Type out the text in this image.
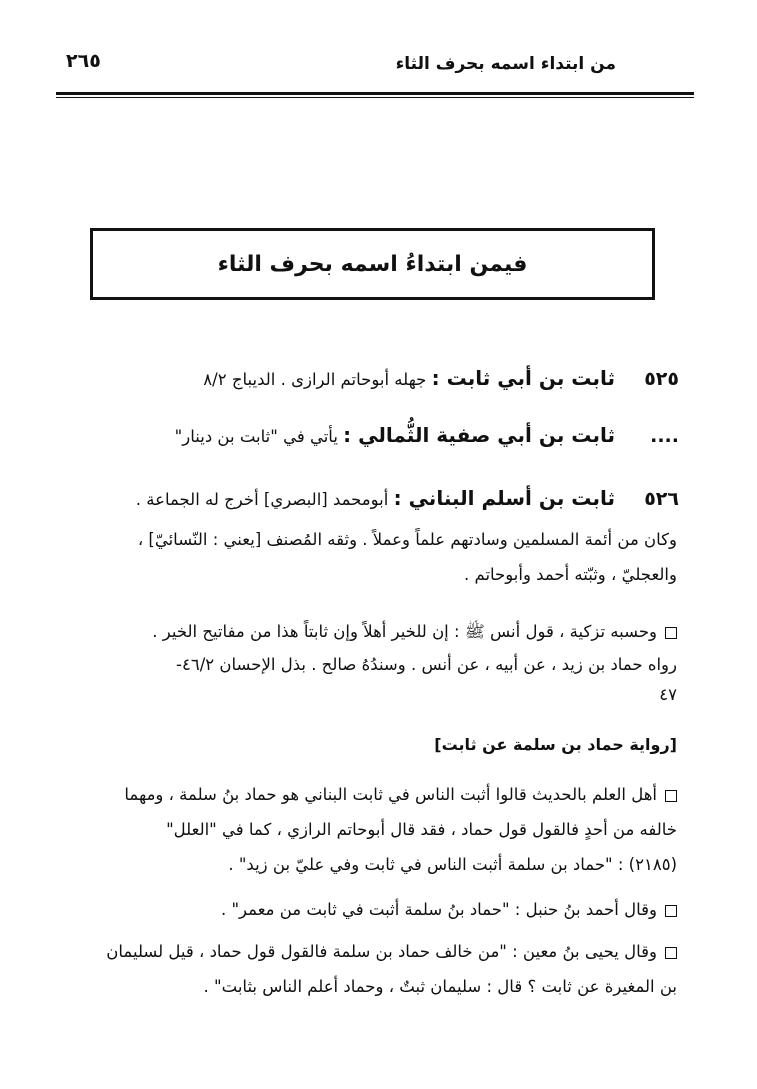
من ابتداء اسمه بحرف الثاء
٢٦٥
فيمن ابتداءُ اسمه بحرف الثاء
٥٢٥ثابت بن أبي ثابت : جهله أبوحاتم الرازى . الديباج ٨/٢
....ثابت بن أبي صفية الثُّمالي : يأتي في "ثابت بن دينار"
٥٢٦ثابت بن أسلم البناني : أبومحمد [البصري] أخرج له الجماعة .
وكان من أئمة المسلمين وسادتهم علماً وعملاً . وثقه المُصنف [يعني : النّسائيّ] ،
والعجليّ ، وثبّته أحمد وأبوحاتم .
وحسبه تزكية ، قول أنس ﷺ : إن للخير أهلاً وإن ثابتاً هذا من مفاتيح الخير .
رواه حماد بن زيد ، عن أبيه ، عن أنس . وسندُهُ صالح . بذل الإحسان ٤٦/٢-
٤٧
[رواية حماد بن سلمة عن ثابت]
أهل العلم بالحديث قالوا أثبت الناس في ثابت البناني هو حماد بنُ سلمة ، ومهما
خالفه من أحدٍ فالقول قول حماد ، فقد قال أبوحاتم الرازي ، كما في "العلل"
(٢١٨٥) : "حماد بن سلمة أثبت الناس في ثابت وفي عليّ بن زيد" .
وقال أحمد بنُ حنبل : "حماد بنُ سلمة أثبت في ثابت من معمر" .
وقال يحيى بنُ معين : "من خالف حماد بن سلمة فالقول قول حماد ، قيل لسليمان
بن المغيرة عن ثابت ؟ قال : سليمان ثبتٌ ، وحماد أعلم الناس بثابت" .
